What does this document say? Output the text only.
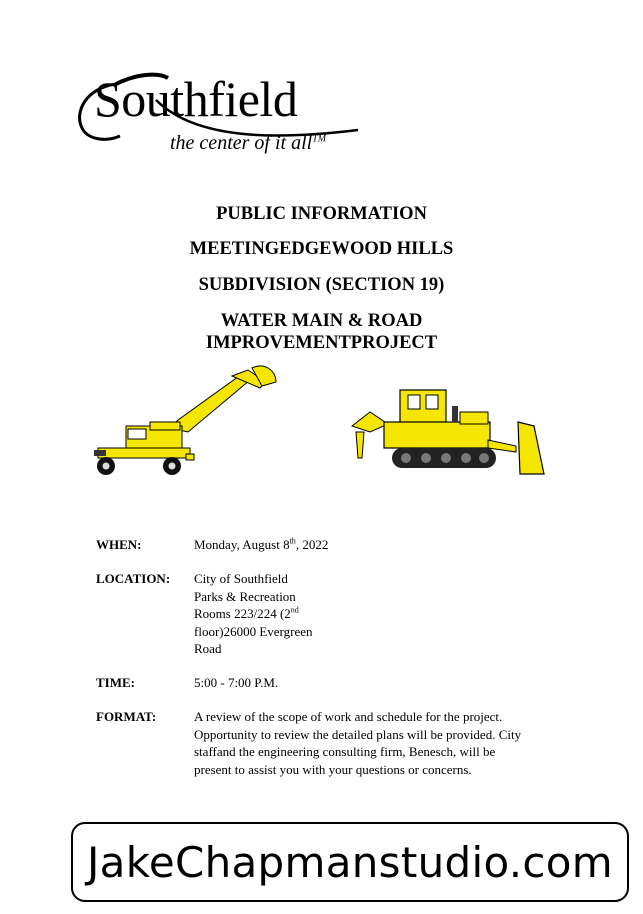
Southfield
the center of it all™
PUBLIC INFORMATION
MEETINGEDGEWOOD HILLS
SUBDIVISION (SECTION 19)
WATER MAIN & ROAD
IMPROVEMENTPROJECT
WHEN:	Monday, August 8th, 2022
LOCATION: City of Southfield
Parks & Recreation
Rooms 223/224 (2nd
floor)26000 Evergreen
Road
TIME:	5:00 - 7:00 P.M.
FORMAT:	A review of the scope of work and schedule for the project.
Opportunity to review the detailed plans will be provided. City
staffand the engineering consulting firm, Benesch, will be
present to assist you with your questions or concerns.
JakeChapmanstudio.com
